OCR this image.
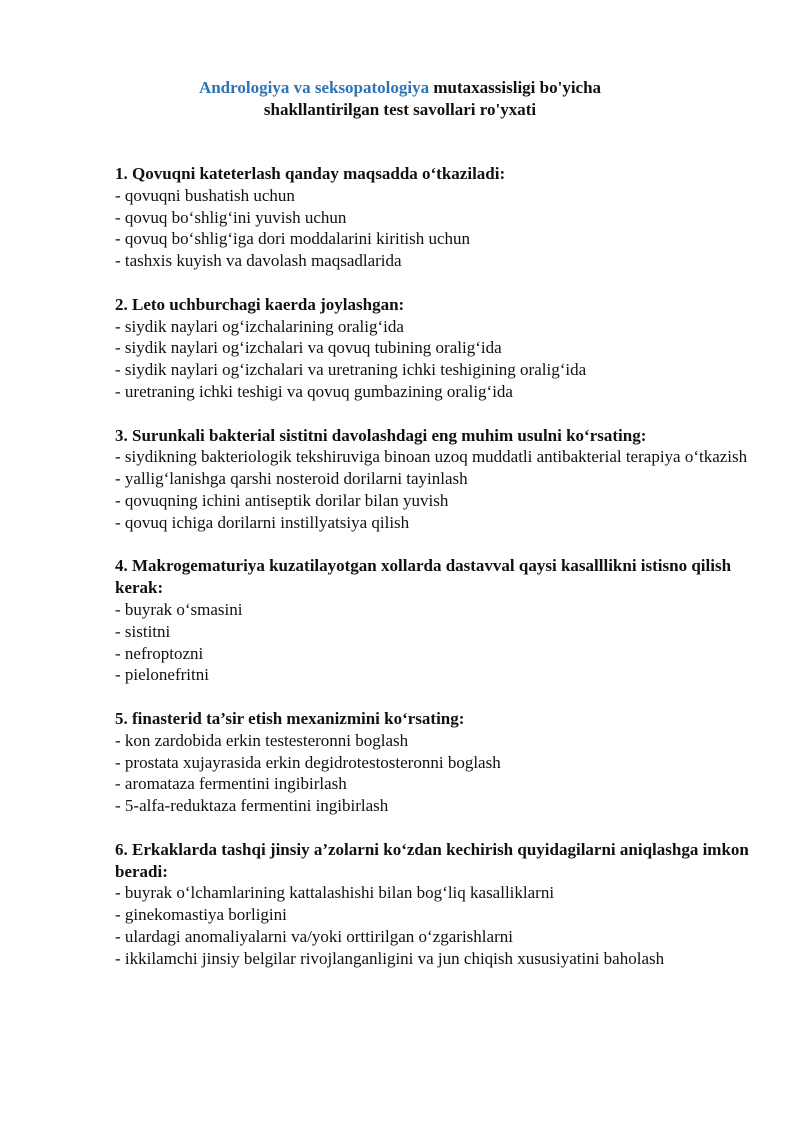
Andrologiya va seksopatologiya mutaxassisligi bo'yicha
shakllantirilgan test savollari ro'yxati

1. Qovuqni kateterlash qanday maqsadda o‘tkaziladi:

- qovuqni bushatish uchun
- qovuq bo‘shlig‘ini yuvish uchun
- qovuq bo‘shlig‘iga dori moddalarini kiritish uchun
- tashxis kuyish va davolash maqsadlarida

2. Leto uchburchagi kaerda joylashgan:

- siydik naylari og‘izchalarining oralig‘ida
- siydik naylari og‘izchalari va qovuq tubining oralig‘ida
- siydik naylari og‘izchalari va uretraning ichki teshigining oralig‘ida
- uretraning ichki teshigi va qovuq gumbazining oralig‘ida

3. Surunkali bakterial sistitni davolashdagi eng muhim usulni ko‘rsating:

- siydikning bakteriologik tekshiruviga binoan uzoq muddatli antibakterial terapiya o‘tkazish
- yallig‘lanishga qarshi nosteroid dorilarni tayinlash
- qovuqning ichini antiseptik dorilar bilan yuvish
- qovuq ichiga dorilarni instillyatsiya qilish

4. Makrogematuriya kuzatilayotgan xollarda dastavval qaysi kasalllikni istisno qilish kerak:

- buyrak o‘smasini
- sistitni
- nefroptozni
- pielonefritni

5. finasterid ta’sir etish mexanizmini ko‘rsating:

- kon zardobida erkin testesteronni boglash
- prostata xujayrasida erkin degidrotestosteronni boglash
- aromataza fermentini ingibirlash
- 5-alfa-reduktaza fermentini ingibirlash

6. Erkaklarda tashqi jinsiy a’zolarni ko‘zdan kechirish quyidagilarni aniqlashga imkon beradi:

- buyrak o‘lchamlarining kattalashishi bilan bog‘liq kasalliklarni
- ginekomastiya borligini
- ulardagi anomaliyalarni va/yoki orttirilgan o‘zgarishlarni
- ikkilamchi jinsiy belgilar rivojlanganligini va jun chiqish xususiyatini baholash
